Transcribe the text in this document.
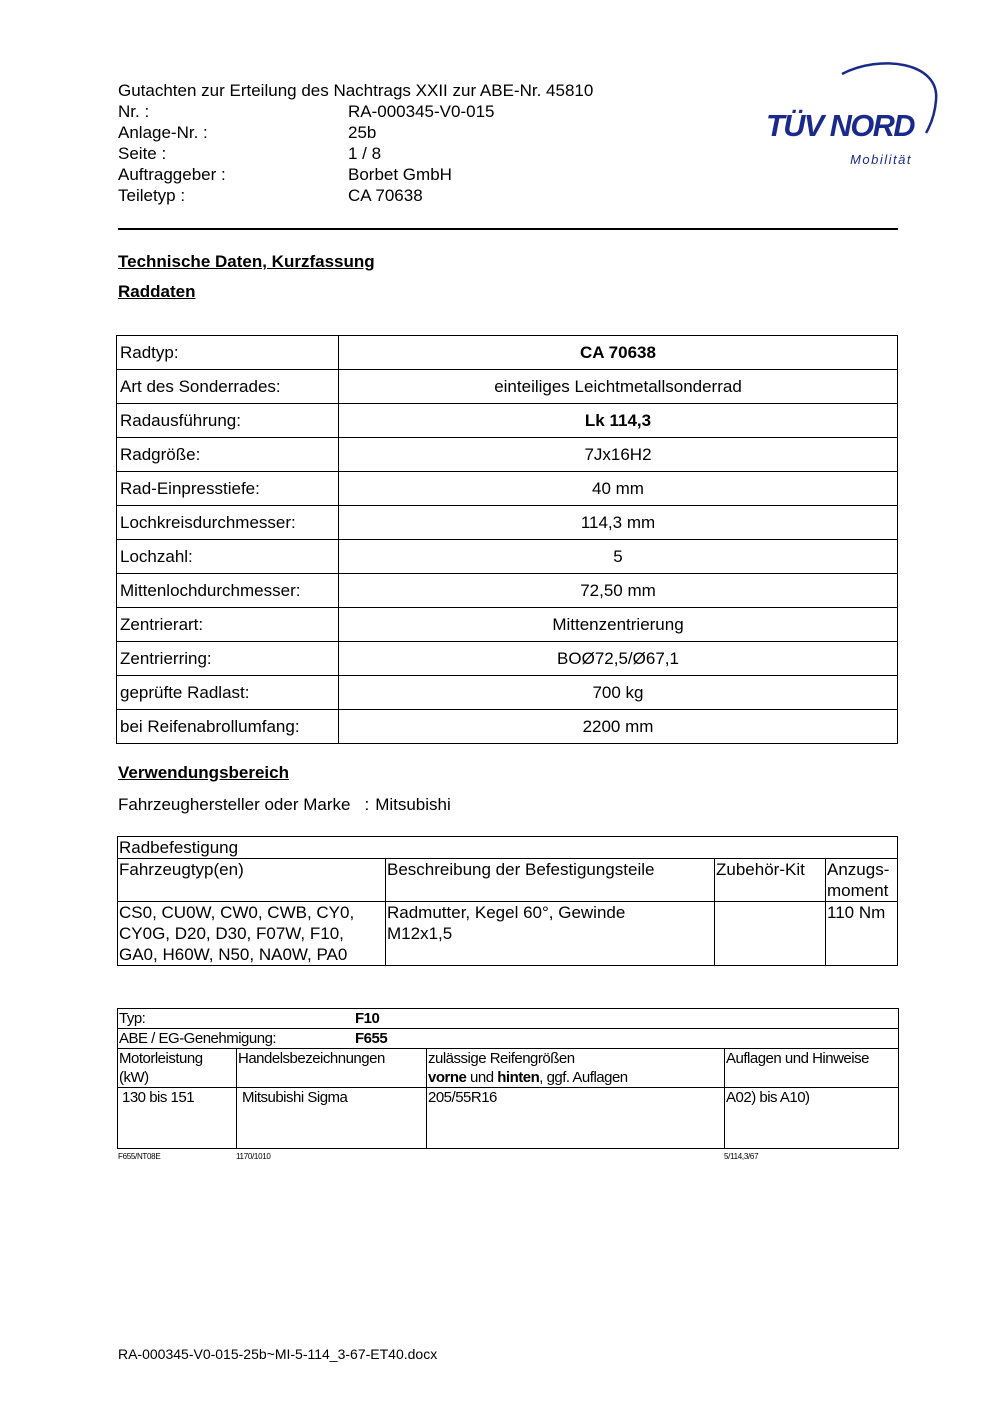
Gutachten zur Erteilung des Nachtrags XXII zur ABE-Nr. 45810
Nr. :	RA-000345-V0-015
Anlage-Nr. :	25b
Seite :	1 / 8
Auftraggeber :	Borbet GmbH
Teiletyp :	CA 70638
TÜV NORD
Mobilität
Technische Daten, Kurzfassung
Raddaten
Radtyp:	CA 70638
Art des Sonderrades:	einteiliges Leichtmetallsonderrad
Radausführung:	Lk 114,3
Radgröße:	7Jx16H2
Rad-Einpresstiefe:	40 mm
Lochkreisdurchmesser:	114,3 mm
Lochzahl:	5
Mittenlochdurchmesser:	72,50 mm
Zentrierart:	Mittenzentrierung
Zentrierring:	BOØ72,5/Ø67,1
geprüfte Radlast:	700 kg
bei Reifenabrollumfang:	2200 mm
Verwendungsbereich
Fahrzeughersteller oder Marke : Mitsubishi
Radbefestigung			
Fahrzeugtyp(en)	Beschreibung der Befestigungsteile	Zubehör-Kit	Anzugs-
moment
CS0, CU0W, CW0, CWB, CY0,
CY0G, D20, D30, F07W, F10,
GA0, H60W, N50, NA0W, PA0	Radmutter, Kegel 60°, Gewinde
M12x1,5		110 Nm
Typ: F10			
ABE / EG-Genehmigung: F655			
Motorleistung
(kW)	Handelsbezeichnungen	zulässige Reifengrößen
vorne und hinten, ggf. Auflagen	Auflagen und Hinweise
130 bis 151	Mitsubishi Sigma	205/55R16	A02) bis A10)
F655/NT08E	1170/1010	5/114,3/67
RA-000345-V0-015-25b~MI-5-114_3-67-ET40.docx
